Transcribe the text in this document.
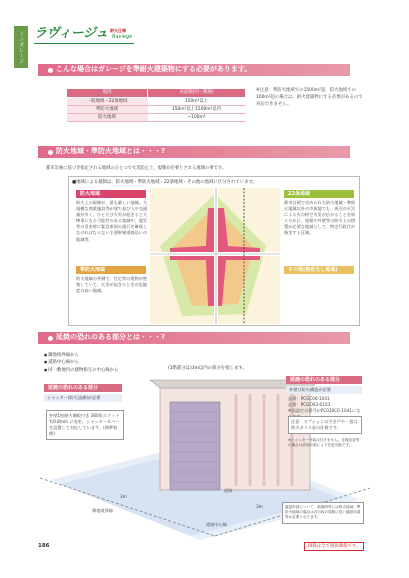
ミニガレージ ラヴィージュ 耐火仕様
Raviege
こんな場合はガレージを準耐火建築物にする必要があります。
地域	床面積(同一敷地)
一般地域・22条地域	150m²以上
準防火地域	150m²以上1500m²以内
防火地域	~100m²
※注意：準防火地域での1500m²超、防火地域での100m²超の場合は、耐火建築物にする必要があるので対応できません。
防火地域・準防火地域とは・・・?
都市計画に基づき指定される地域のひとつで火災防止上、規制が必要とされる地域の事です。
■地域による規制は、防火地域・準防火地域・22条地域・その他の地域に区分されています。
防火地域
防火上の規制が、最も厳しい地域。大規模な商業施設等が建ち並び人や交通量が多く、ひとたび火災が起きると大惨事になる可能性のある地域や、震災等の災害時に緊急車両の通行を確保しなければならない主要幹線道路沿いの地域等。
準防火地域
防火地域の外側で、住宅等の建物が密集していて、火災が起きたときの危険度の高い地域。
22条地域
都市計画で定められた防火地域・準防火地域以外の市街地でも、周辺の火災による火の粉で火災が広がることを防ぐために、屋根や外壁等の防火上の措置が必要な地域として、特定行政庁が指定する区域。
その他(指定なし地域)
延焼の恐れのある部分とは・・・?
● 隣地境界線から
● 道路中心線から
● 同一敷地内の建物相互の中心線から	(1階部分は)3m以内の部分を指します。
延焼の恐れのある部分
シャッター(防火設備)が必要
外壁1枚耐火鋼板付き 360角スラット有0.8mm に変更。シャッターカバーを設置して対応しています。(標準装備)
延焼の恐れのある部分
外壁は防火構造が必要
品番：PCGC06-1041
品番：PCGCN3-0103
※国認定の番号がPC030C6-1041にな
注意：オプションの引き戸や・窓は防火ガラス金の仕様です。
※シャッター外装は付きません。仕様変更等の場合は設計計画により変更可能です。
隣地境界線
3m
3m
道路中心線
道路
確認申請について　新築時等には防火地域、準防火地域の場合は各行政の規制に従い確認申請等が必要となります。
186	価格は全て税抜価格です。
